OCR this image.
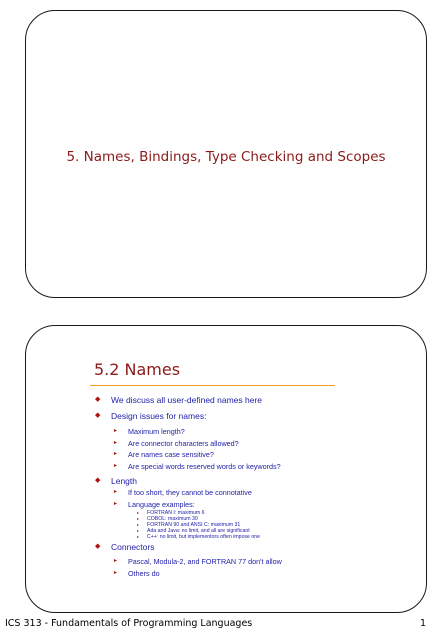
5. Names, Bindings, Type Checking and Scopes
5.2 Names
◆ We discuss all user-defined names here
◆ Design issues for names:
▸ Maximum length?
▸ Are connector characters allowed?
▸ Are names case sensitive?
▸ Are special words reserved words or keywords?
◆ Length
▸ If too short, they cannot be connotative
▸ Language examples:
▸ FORTRAN I: maximum 6
▸ COBOL: maximum 30
▸ FORTRAN 90 and ANSI C: maximum 31
▸ Ada and Java: no limit, and all are significant
▸ C++: no limit, but implementors often impose one
◆ Connectors
▸ Pascal, Modula-2, and FORTRAN 77 don't allow
▸ Others do
ICS 313 - Fundamentals of Programming Languages	1
